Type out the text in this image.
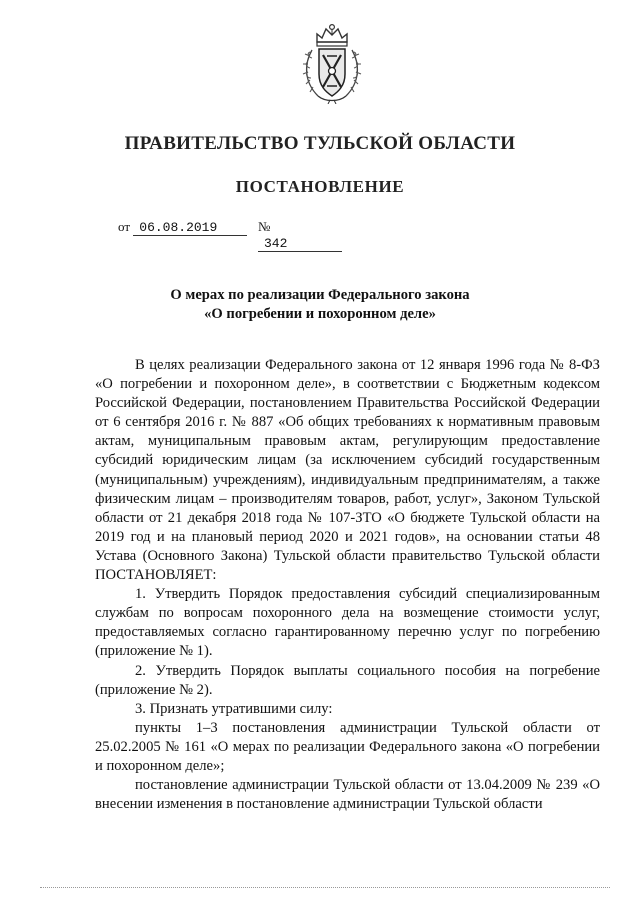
ПРАВИТЕЛЬСТВО ТУЛЬСКОЙ ОБЛАСТИ
ПОСТАНОВЛЕНИЕ
от 06.08.2019	№ 342
О мерах по реализации Федерального закона
«О погребении и похоронном деле»

В целях реализации Федерального закона от 12 января 1996 года № 8-ФЗ «О погребении и похоронном деле», в соответствии с Бюджетным кодексом Российской Федерации, постановлением Правительства Российской Федерации от 6 сентября 2016 г. № 887 «Об общих требованиях к нормативным правовым актам, муниципальным правовым актам, регулирующим предоставление субсидий юридическим лицам (за исключением субсидий государственным (муниципальным) учреждениям), индивидуальным предпринимателям, а также физическим лицам – производителям товаров, работ, услуг», Законом Тульской области от 21 декабря 2018 года № 107-ЗТО «О бюджете Тульской области на 2019 год и на плановый период 2020 и 2021 годов», на основании статьи 48 Устава (Основного Закона) Тульской области правительство Тульской области ПОСТАНОВЛЯЕТ:

1. Утвердить Порядок предоставления субсидий специализированным службам по вопросам похоронного дела на возмещение стоимости услуг, предоставляемых согласно гарантированному перечню услуг по погребению (приложение № 1).

2. Утвердить Порядок выплаты социального пособия на погребение (приложение № 2).

3. Признать утратившими силу:

пункты 1–3 постановления администрации Тульской области от 25.02.2005 № 161 «О мерах по реализации Федерального закона «О погребении и похоронном деле»;

постановление администрации Тульской области от 13.04.2009 № 239 «О внесении изменения в постановление администрации Тульской области
